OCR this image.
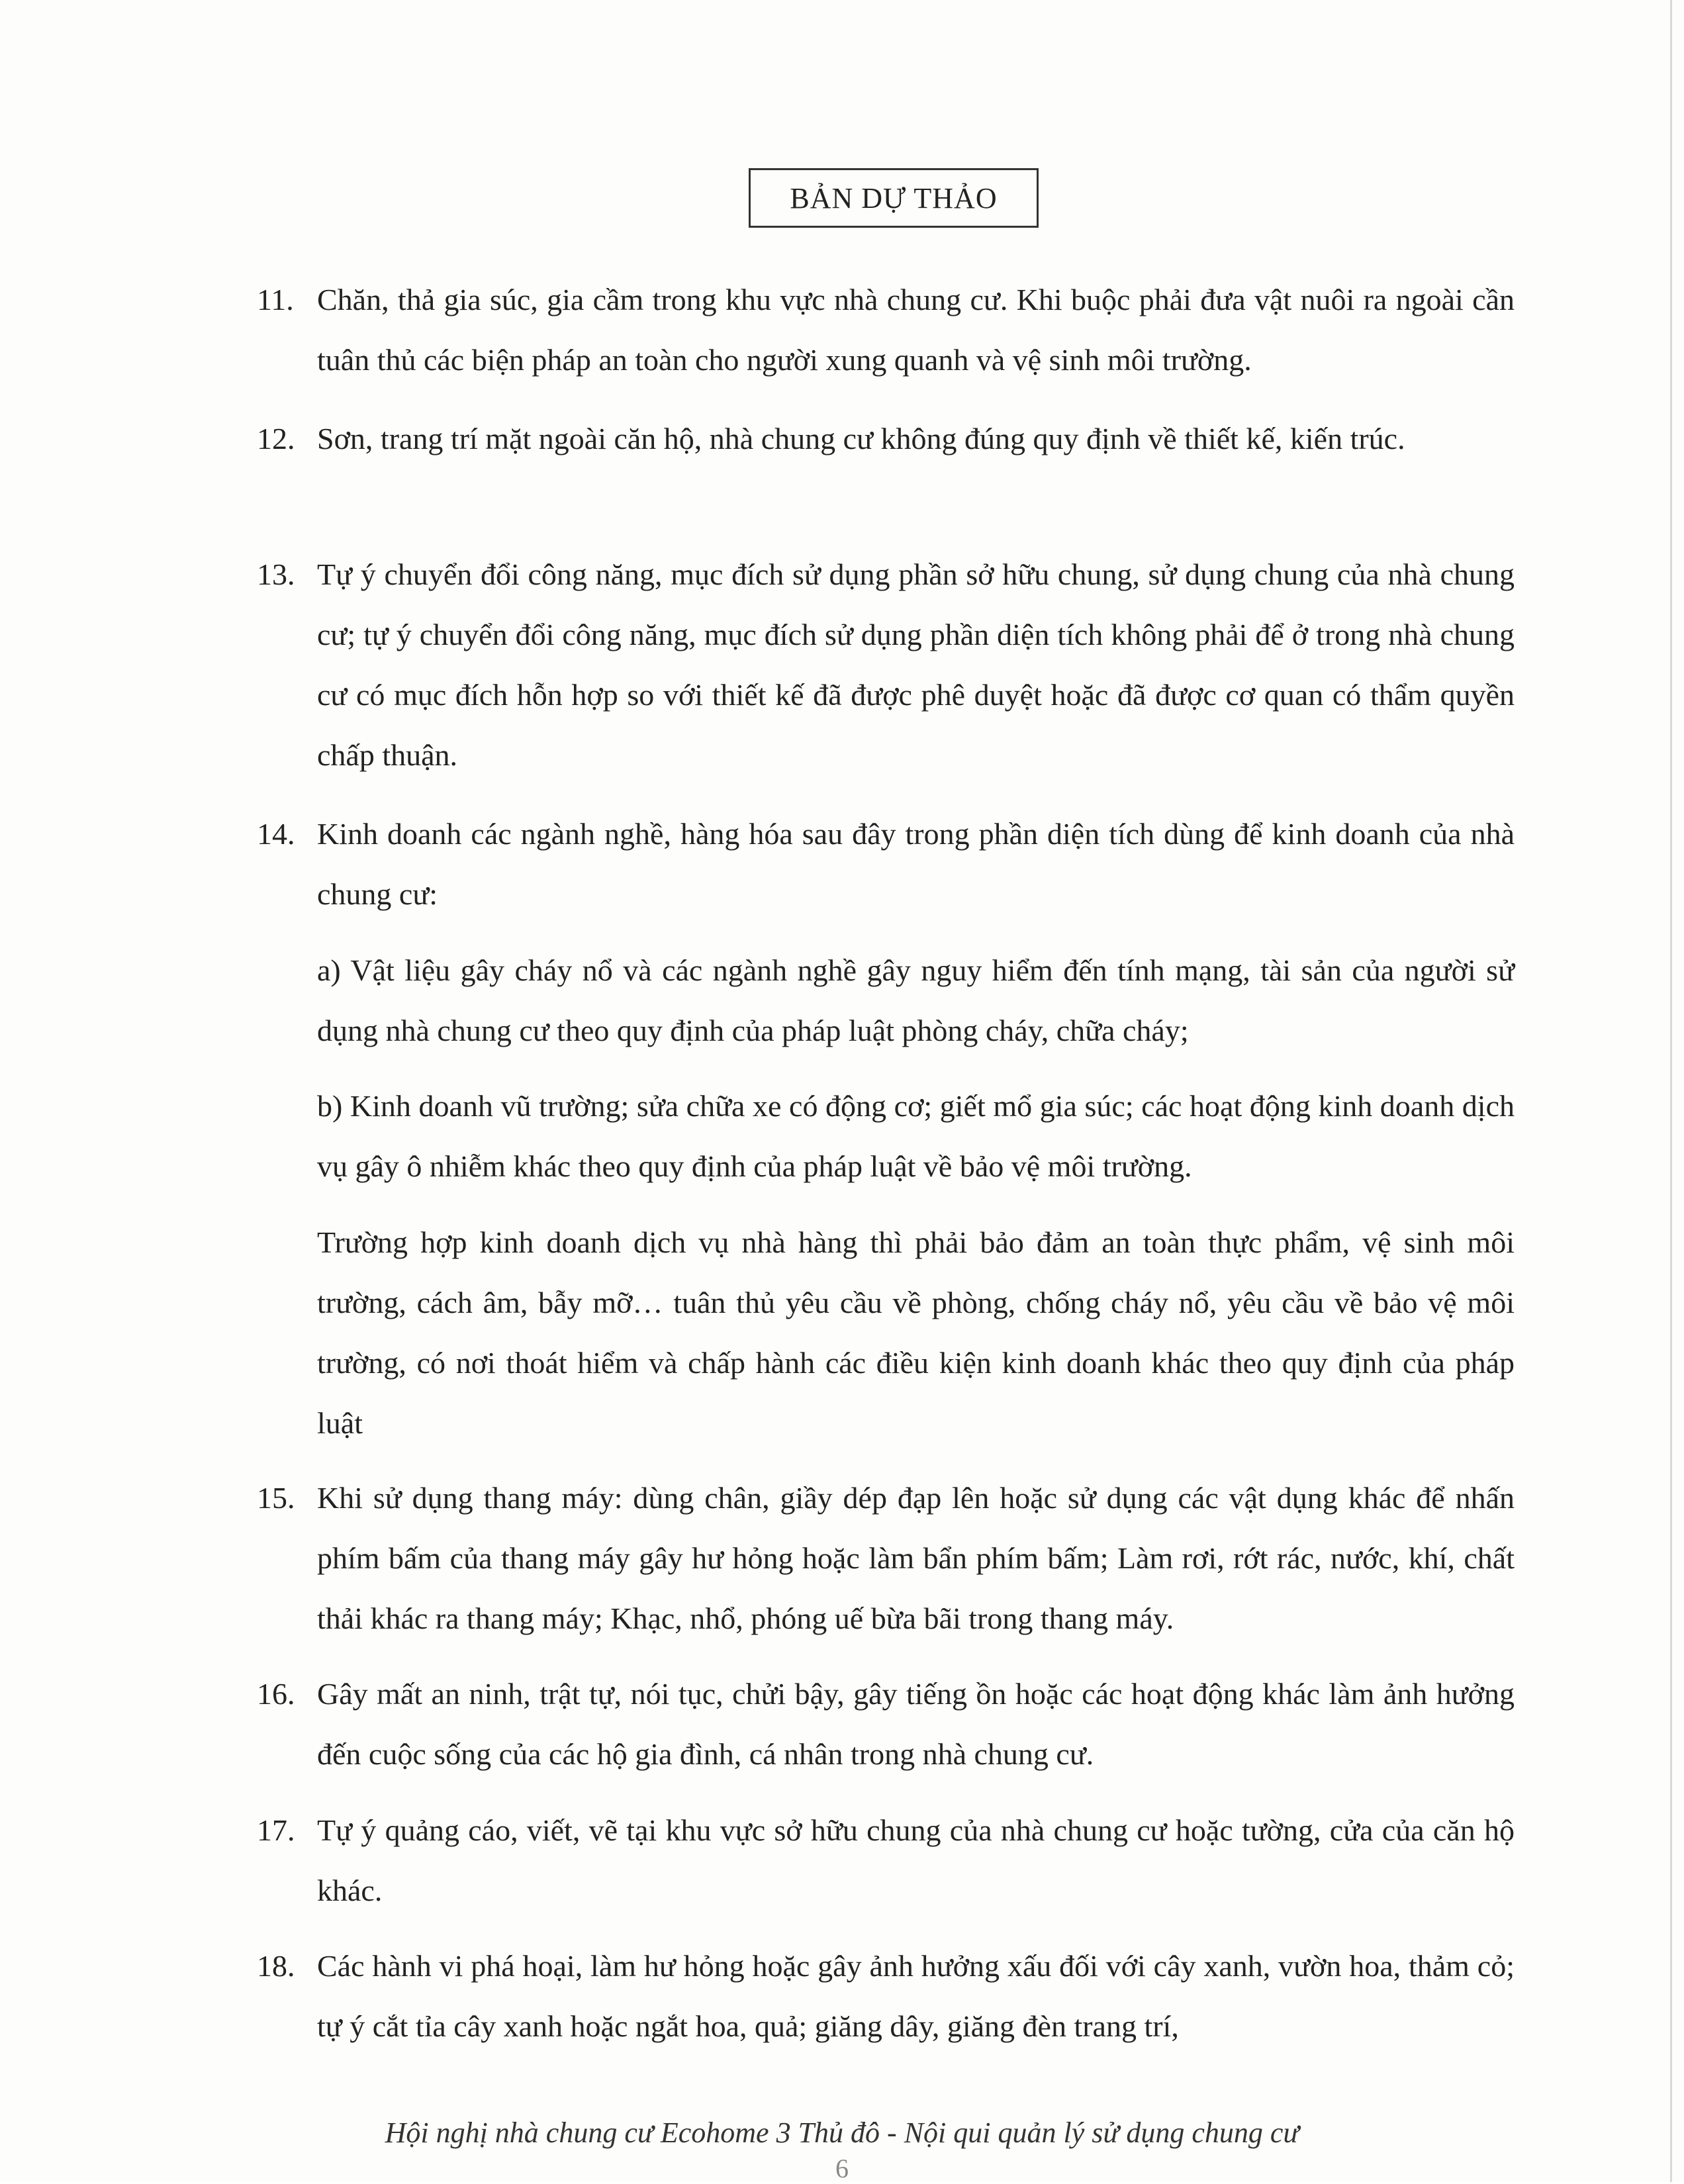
BẢN DỰ THẢO
11. Chăn, thả gia súc, gia cầm trong khu vực nhà chung cư. Khi buộc phải đưa vật nuôi ra ngoài cần tuân thủ các biện pháp an toàn cho người xung quanh và vệ sinh môi trường.
12. Sơn, trang trí mặt ngoài căn hộ, nhà chung cư không đúng quy định về thiết kế, kiến trúc.
13. Tự ý chuyển đổi công năng, mục đích sử dụng phần sở hữu chung, sử dụng chung của nhà chung cư; tự ý chuyển đổi công năng, mục đích sử dụng phần diện tích không phải để ở trong nhà chung cư có mục đích hỗn hợp so với thiết kế đã được phê duyệt hoặc đã được cơ quan có thẩm quyền chấp thuận.
14. Kinh doanh các ngành nghề, hàng hóa sau đây trong phần diện tích dùng để kinh doanh của nhà chung cư:
a) Vật liệu gây cháy nổ và các ngành nghề gây nguy hiểm đến tính mạng, tài sản của người sử dụng nhà chung cư theo quy định của pháp luật phòng cháy, chữa cháy;
b) Kinh doanh vũ trường; sửa chữa xe có động cơ; giết mổ gia súc; các hoạt động kinh doanh dịch vụ gây ô nhiễm khác theo quy định của pháp luật về bảo vệ môi trường.
Trường hợp kinh doanh dịch vụ nhà hàng thì phải bảo đảm an toàn thực phẩm, vệ sinh môi trường, cách âm, bẫy mỡ… tuân thủ yêu cầu về phòng, chống cháy nổ, yêu cầu về bảo vệ môi trường, có nơi thoát hiểm và chấp hành các điều kiện kinh doanh khác theo quy định của pháp luật
15. Khi sử dụng thang máy: dùng chân, giầy dép đạp lên hoặc sử dụng các vật dụng khác để nhấn phím bấm của thang máy gây hư hỏng hoặc làm bẩn phím bấm; Làm rơi, rớt rác, nước, khí, chất thải khác ra thang máy; Khạc, nhổ, phóng uế bừa bãi trong thang máy.
16. Gây mất an ninh, trật tự, nói tục, chửi bậy, gây tiếng ồn hoặc các hoạt động khác làm ảnh hưởng đến cuộc sống của các hộ gia đình, cá nhân trong nhà chung cư.
17. Tự ý quảng cáo, viết, vẽ tại khu vực sở hữu chung của nhà chung cư hoặc tường, cửa của căn hộ khác.
18. Các hành vi phá hoại, làm hư hỏng hoặc gây ảnh hưởng xấu đối với cây xanh, vườn hoa, thảm cỏ; tự ý cắt tỉa cây xanh hoặc ngắt hoa, quả; giăng dây, giăng đèn trang trí,
Hội nghị nhà chung cư Ecohome 3 Thủ đô - Nội qui quản lý sử dụng chung cư
6
